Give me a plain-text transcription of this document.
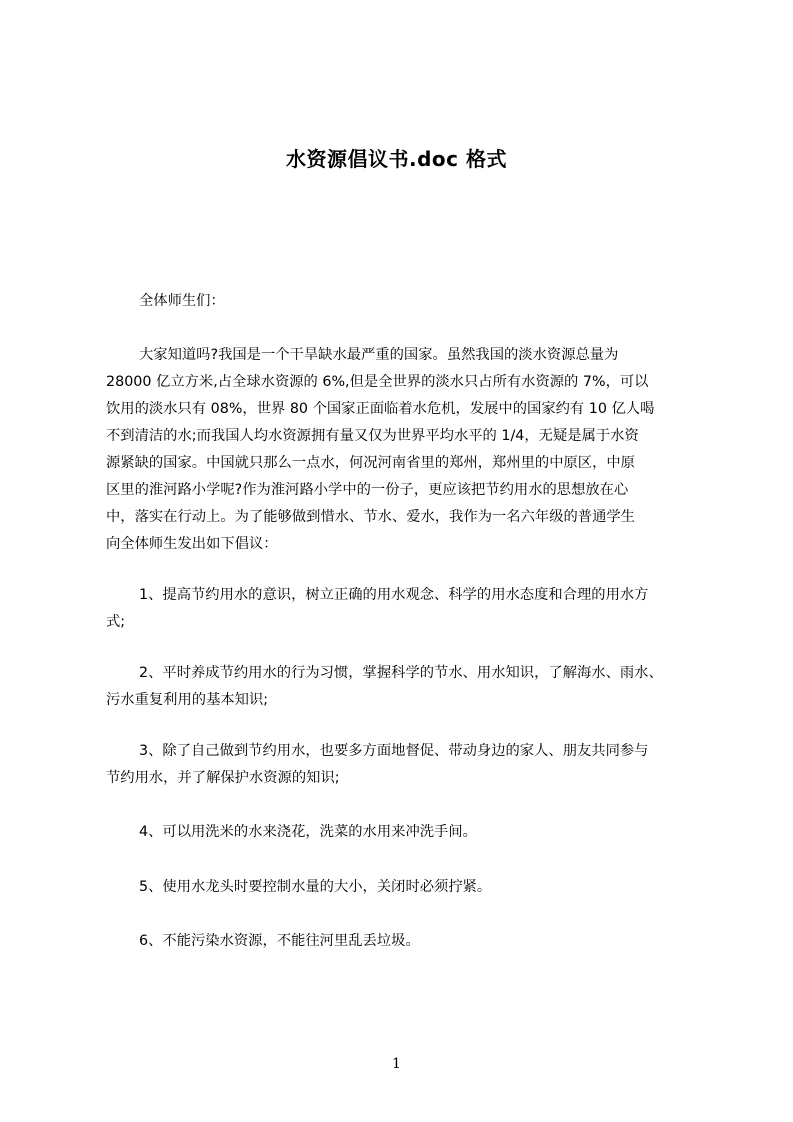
水资源倡议书.doc 格式

全体师生们：

大家知道吗?我国是一个干旱缺水最严重的国家。虽然我国的淡水资源总量为

28000 亿立方米,占全球水资源的 6%,但是全世界的淡水只占所有水资源的 7%，可以

饮用的淡水只有 08%，世界 80 个国家正面临着水危机，发展中的国家约有 10 亿人喝

不到清洁的水;而我国人均水资源拥有量又仅为世界平均水平的 1/4，无疑是属于水资

源紧缺的国家。中国就只那么一点水，何况河南省里的郑州，郑州里的中原区，中原

区里的淮河路小学呢?作为淮河路小学中的一份子，更应该把节约用水的思想放在心

中，落实在行动上。为了能够做到惜水、节水、爱水，我作为一名六年级的普通学生

向全体师生发出如下倡议：

1、提高节约用水的意识，树立正确的用水观念、科学的用水态度和合理的用水方

式;

2、平时养成节约用水的行为习惯，掌握科学的节水、用水知识，了解海水、雨水、

污水重复利用的基本知识;

3、除了自己做到节约用水，也要多方面地督促、带动身边的家人、朋友共同参与

节约用水，并了解保护水资源的知识;

4、可以用洗米的水来浇花，洗菜的水用来冲洗手间。

5、使用水龙头时要控制水量的大小，关闭时必须拧紧。

6、不能污染水资源，不能往河里乱丢垃圾。

1
